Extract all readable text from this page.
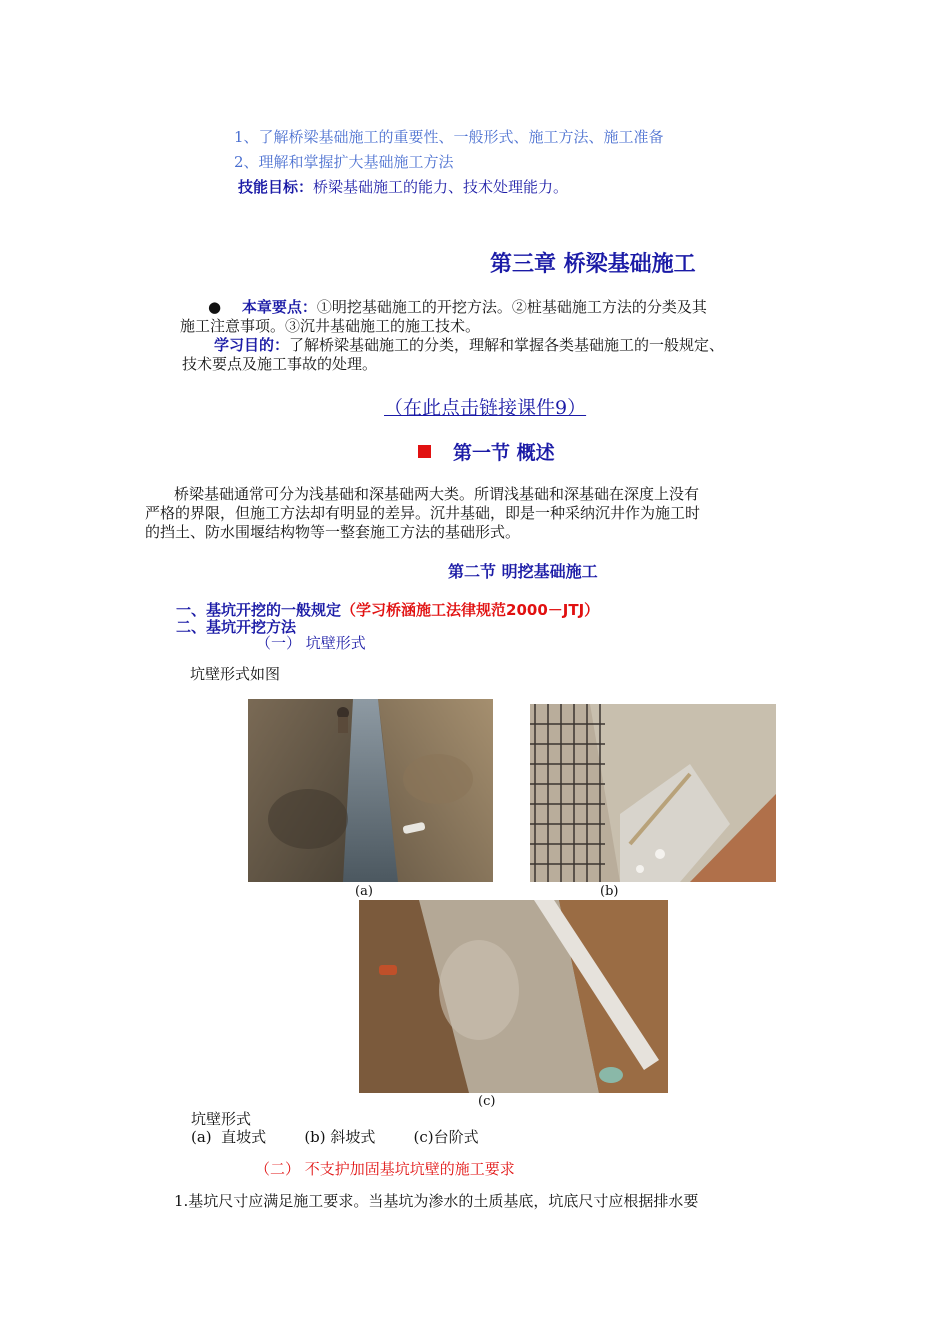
1、了解桥梁基础施工的重要性、一般形式、施工方法、施工准备
2、理解和掌握扩大基础施工方法
技能目标：桥梁基础施工的能力、技术处理能力。
第三章 桥梁基础施工
● 本章要点：①明挖基础施工的开挖方法。②桩基础施工方法的分类及其
施工注意事项。③沉井基础施工的施工技术。
学习目的：了解桥梁基础施工的分类，理解和掌握各类基础施工的一般规定、
技术要点及施工事故的处理。
（在此点击链接课件9）
第一节 概述
桥梁基础通常可分为浅基础和深基础两大类。所谓浅基础和深基础在深度上没有
严格的界限，但施工方法却有明显的差异。沉井基础，即是一种采纳沉井作为施工时
的挡土、防水围堰结构物等一整套施工方法的基础形式。
第二节 明挖基础施工
一、基坑开挖的一般规定（学习桥涵施工法律规范2000－JTJ）
二、基坑开挖方法
（一） 坑壁形式
坑壁形式如图
(a)	(b)
(c)
坑壁形式
(a)  直坡式        (b) 斜坡式        (c)台阶式
（二） 不支护加固基坑坑壁的施工要求
1.基坑尺寸应满足施工要求。当基坑为渗水的土质基底，坑底尺寸应根据排水要
